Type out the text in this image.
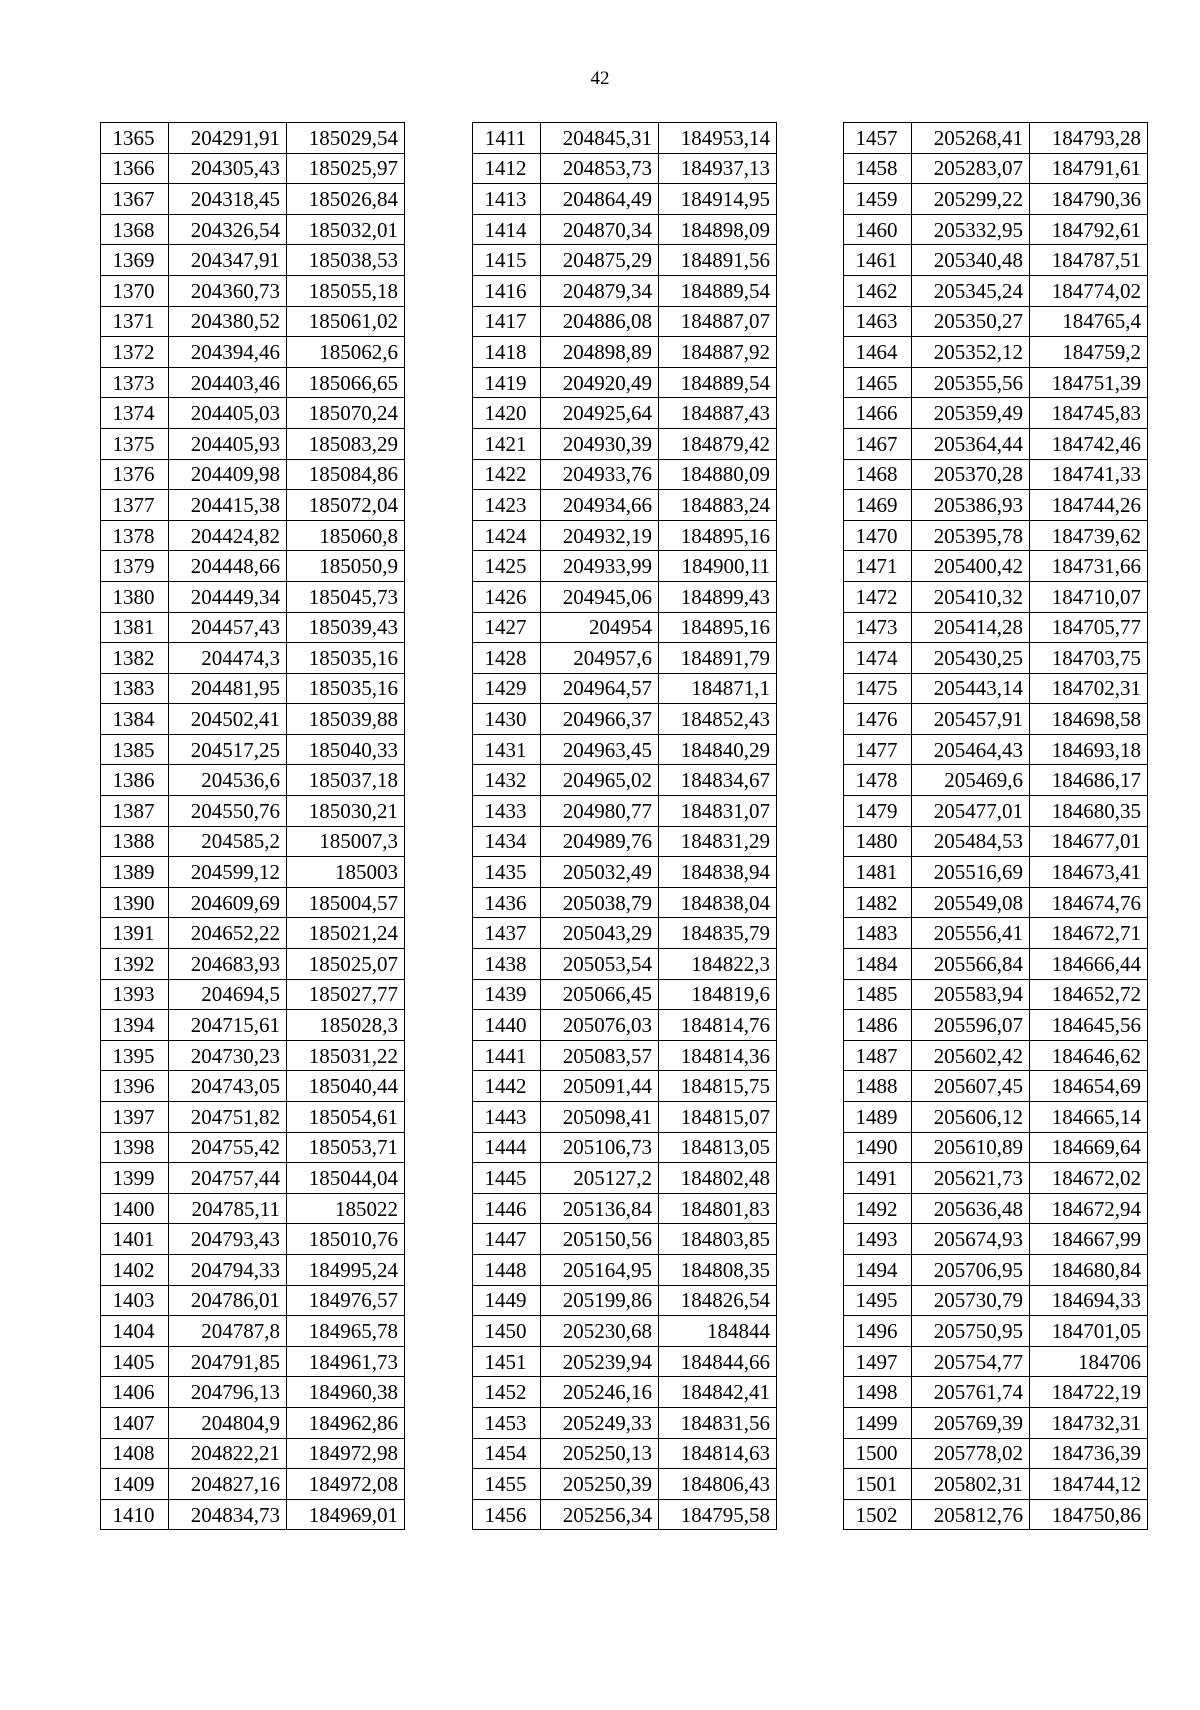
42
1365	204291,91	185029,54
1366	204305,43	185025,97
1367	204318,45	185026,84
1368	204326,54	185032,01
1369	204347,91	185038,53
1370	204360,73	185055,18
1371	204380,52	185061,02
1372	204394,46	185062,6
1373	204403,46	185066,65
1374	204405,03	185070,24
1375	204405,93	185083,29
1376	204409,98	185084,86
1377	204415,38	185072,04
1378	204424,82	185060,8
1379	204448,66	185050,9
1380	204449,34	185045,73
1381	204457,43	185039,43
1382	204474,3	185035,16
1383	204481,95	185035,16
1384	204502,41	185039,88
1385	204517,25	185040,33
1386	204536,6	185037,18
1387	204550,76	185030,21
1388	204585,2	185007,3
1389	204599,12	185003
1390	204609,69	185004,57
1391	204652,22	185021,24
1392	204683,93	185025,07
1393	204694,5	185027,77
1394	204715,61	185028,3
1395	204730,23	185031,22
1396	204743,05	185040,44
1397	204751,82	185054,61
1398	204755,42	185053,71
1399	204757,44	185044,04
1400	204785,11	185022
1401	204793,43	185010,76
1402	204794,33	184995,24
1403	204786,01	184976,57
1404	204787,8	184965,78
1405	204791,85	184961,73
1406	204796,13	184960,38
1407	204804,9	184962,86
1408	204822,21	184972,98
1409	204827,16	184972,08
1410	204834,73	184969,01
1411	204845,31	184953,14
1412	204853,73	184937,13
1413	204864,49	184914,95
1414	204870,34	184898,09
1415	204875,29	184891,56
1416	204879,34	184889,54
1417	204886,08	184887,07
1418	204898,89	184887,92
1419	204920,49	184889,54
1420	204925,64	184887,43
1421	204930,39	184879,42
1422	204933,76	184880,09
1423	204934,66	184883,24
1424	204932,19	184895,16
1425	204933,99	184900,11
1426	204945,06	184899,43
1427	204954	184895,16
1428	204957,6	184891,79
1429	204964,57	184871,1
1430	204966,37	184852,43
1431	204963,45	184840,29
1432	204965,02	184834,67
1433	204980,77	184831,07
1434	204989,76	184831,29
1435	205032,49	184838,94
1436	205038,79	184838,04
1437	205043,29	184835,79
1438	205053,54	184822,3
1439	205066,45	184819,6
1440	205076,03	184814,76
1441	205083,57	184814,36
1442	205091,44	184815,75
1443	205098,41	184815,07
1444	205106,73	184813,05
1445	205127,2	184802,48
1446	205136,84	184801,83
1447	205150,56	184803,85
1448	205164,95	184808,35
1449	205199,86	184826,54
1450	205230,68	184844
1451	205239,94	184844,66
1452	205246,16	184842,41
1453	205249,33	184831,56
1454	205250,13	184814,63
1455	205250,39	184806,43
1456	205256,34	184795,58
1457	205268,41	184793,28
1458	205283,07	184791,61
1459	205299,22	184790,36
1460	205332,95	184792,61
1461	205340,48	184787,51
1462	205345,24	184774,02
1463	205350,27	184765,4
1464	205352,12	184759,2
1465	205355,56	184751,39
1466	205359,49	184745,83
1467	205364,44	184742,46
1468	205370,28	184741,33
1469	205386,93	184744,26
1470	205395,78	184739,62
1471	205400,42	184731,66
1472	205410,32	184710,07
1473	205414,28	184705,77
1474	205430,25	184703,75
1475	205443,14	184702,31
1476	205457,91	184698,58
1477	205464,43	184693,18
1478	205469,6	184686,17
1479	205477,01	184680,35
1480	205484,53	184677,01
1481	205516,69	184673,41
1482	205549,08	184674,76
1483	205556,41	184672,71
1484	205566,84	184666,44
1485	205583,94	184652,72
1486	205596,07	184645,56
1487	205602,42	184646,62
1488	205607,45	184654,69
1489	205606,12	184665,14
1490	205610,89	184669,64
1491	205621,73	184672,02
1492	205636,48	184672,94
1493	205674,93	184667,99
1494	205706,95	184680,84
1495	205730,79	184694,33
1496	205750,95	184701,05
1497	205754,77	184706
1498	205761,74	184722,19
1499	205769,39	184732,31
1500	205778,02	184736,39
1501	205802,31	184744,12
1502	205812,76	184750,86
